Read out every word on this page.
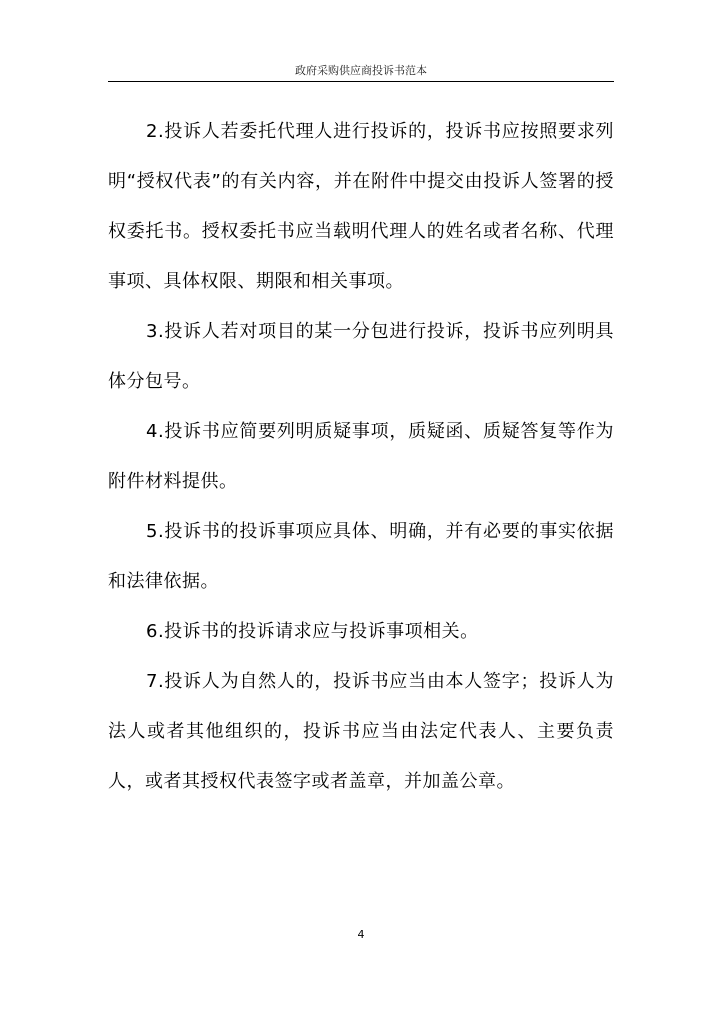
政府采购供应商投诉书范本

2.投诉人若委托代理人进行投诉的，投诉书应按照要求列明“授权代表”的有关内容，并在附件中提交由投诉人签署的授权委托书。授权委托书应当载明代理人的姓名或者名称、代理事项、具体权限、期限和相关事项。

3.投诉人若对项目的某一分包进行投诉，投诉书应列明具体分包号。

4.投诉书应简要列明质疑事项，质疑函、质疑答复等作为附件材料提供。

5.投诉书的投诉事项应具体、明确，并有必要的事实依据和法律依据。

6.投诉书的投诉请求应与投诉事项相关。

7.投诉人为自然人的，投诉书应当由本人签字；投诉人为法人或者其他组织的，投诉书应当由法定代表人、主要负责人，或者其授权代表签字或者盖章，并加盖公章。

4
